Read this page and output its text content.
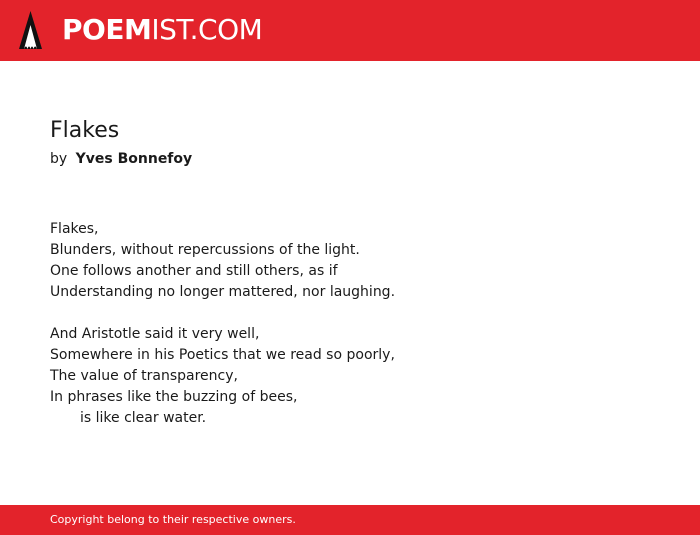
POEMIST.COM
Flakes
by Yves Bonnefoy
Flakes,
Blunders, without repercussions of the light.
One follows another and still others, as if
Understanding no longer mattered, nor laughing.
And Aristotle said it very well,
Somewhere in his Poetics that we read so poorly,
The value of transparency,
In phrases like the buzzing of bees,
is like clear water.
Copyright belong to their respective owners.
